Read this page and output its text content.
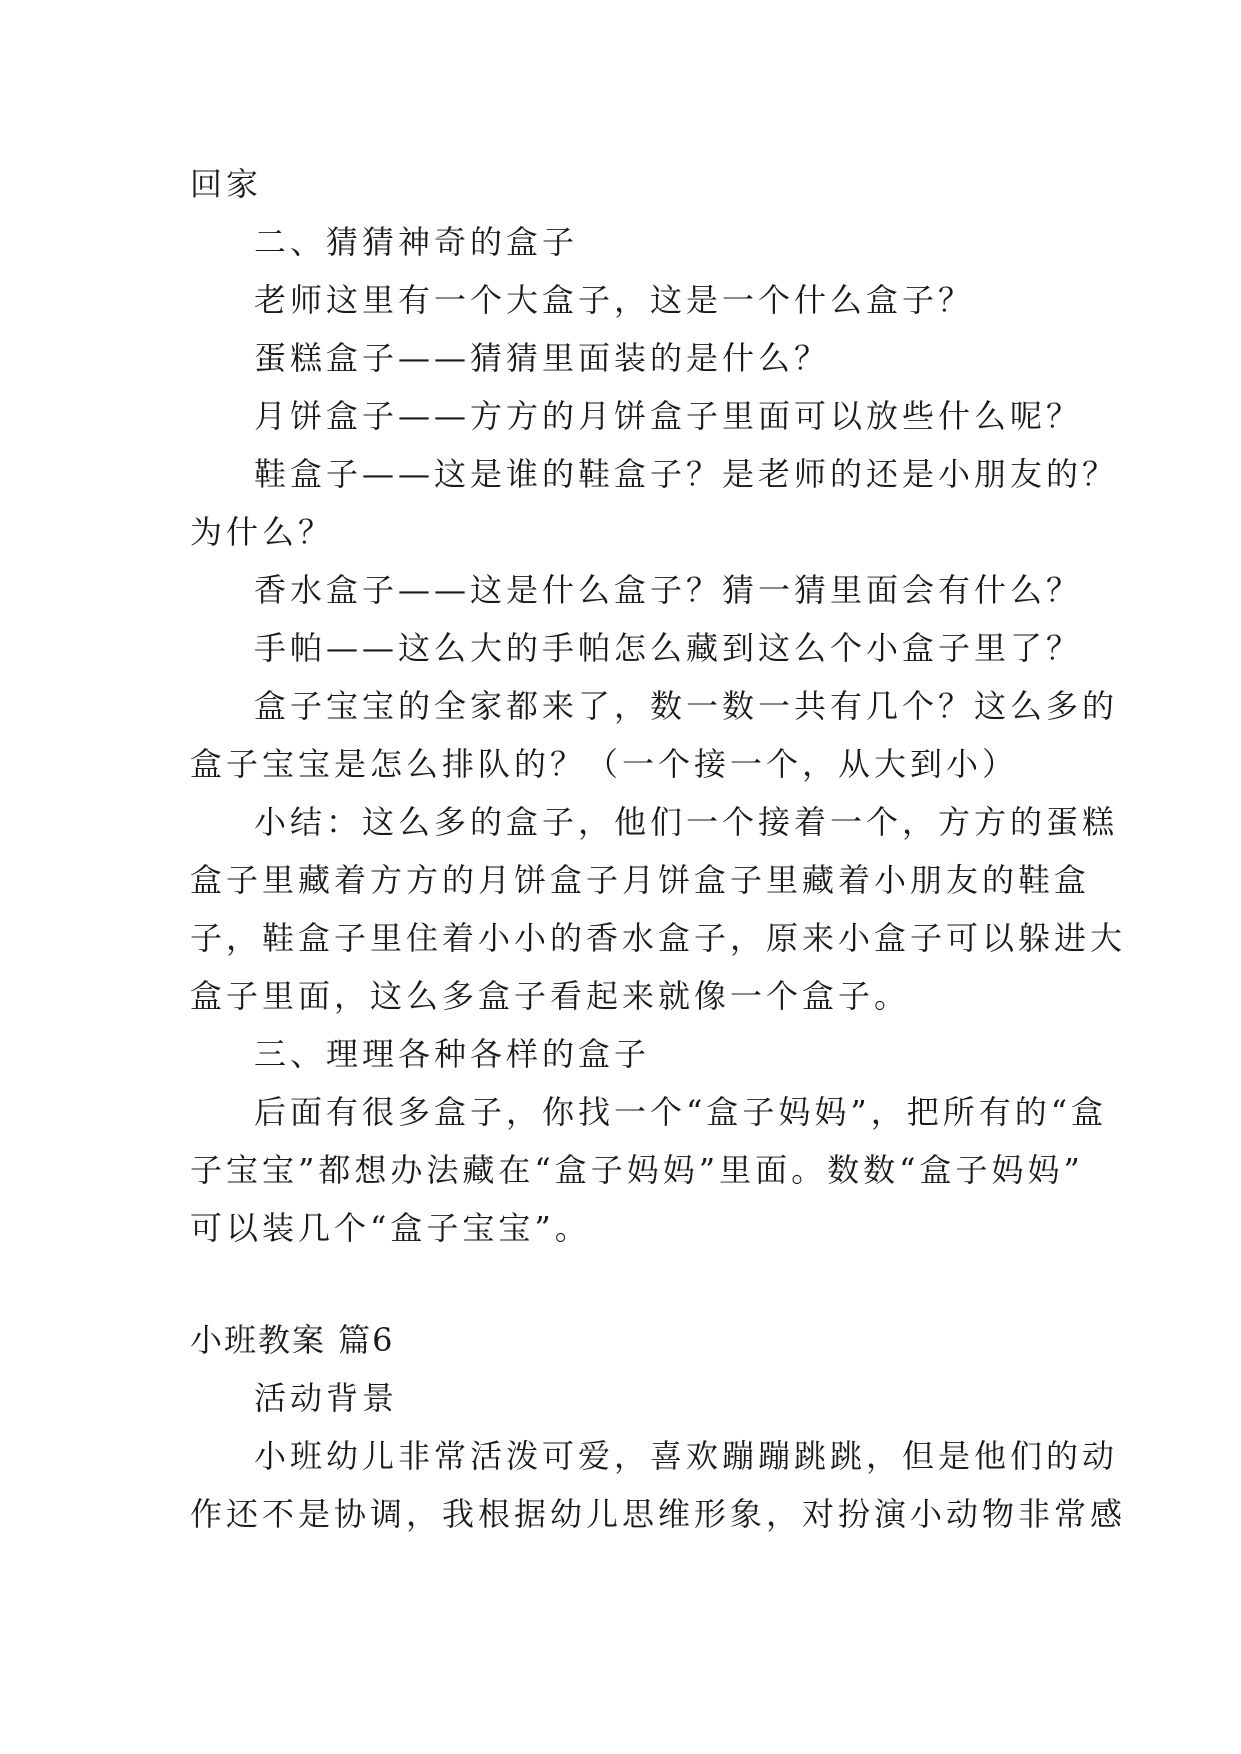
回家
二、猜猜神奇的盒子
老师这里有一个大盒子，这是一个什么盒子？
蛋糕盒子——猜猜里面装的是什么？
月饼盒子——方方的月饼盒子里面可以放些什么呢？
鞋盒子——这是谁的鞋盒子？是老师的还是小朋友的？
为什么？
香水盒子——这是什么盒子？猜一猜里面会有什么？
手帕——这么大的手帕怎么藏到这么个小盒子里了？
盒子宝宝的全家都来了，数一数一共有几个？这么多的
盒子宝宝是怎么排队的？（一个接一个，从大到小）
小结：这么多的盒子，他们一个接着一个，方方的蛋糕
盒子里藏着方方的月饼盒子月饼盒子里藏着小朋友的鞋盒
子，鞋盒子里住着小小的香水盒子，原来小盒子可以躲进大
盒子里面，这么多盒子看起来就像一个盒子。
三、理理各种各样的盒子
后面有很多盒子，你找一个“盒子妈妈”，把所有的“盒
子宝宝”都想办法藏在“盒子妈妈”里面。数数“盒子妈妈”
可以装几个“盒子宝宝”。
小班教案 篇6
活动背景
小班幼儿非常活泼可爱，喜欢蹦蹦跳跳，但是他们的动
作还不是协调，我根据幼儿思维形象，对扮演小动物非常感
